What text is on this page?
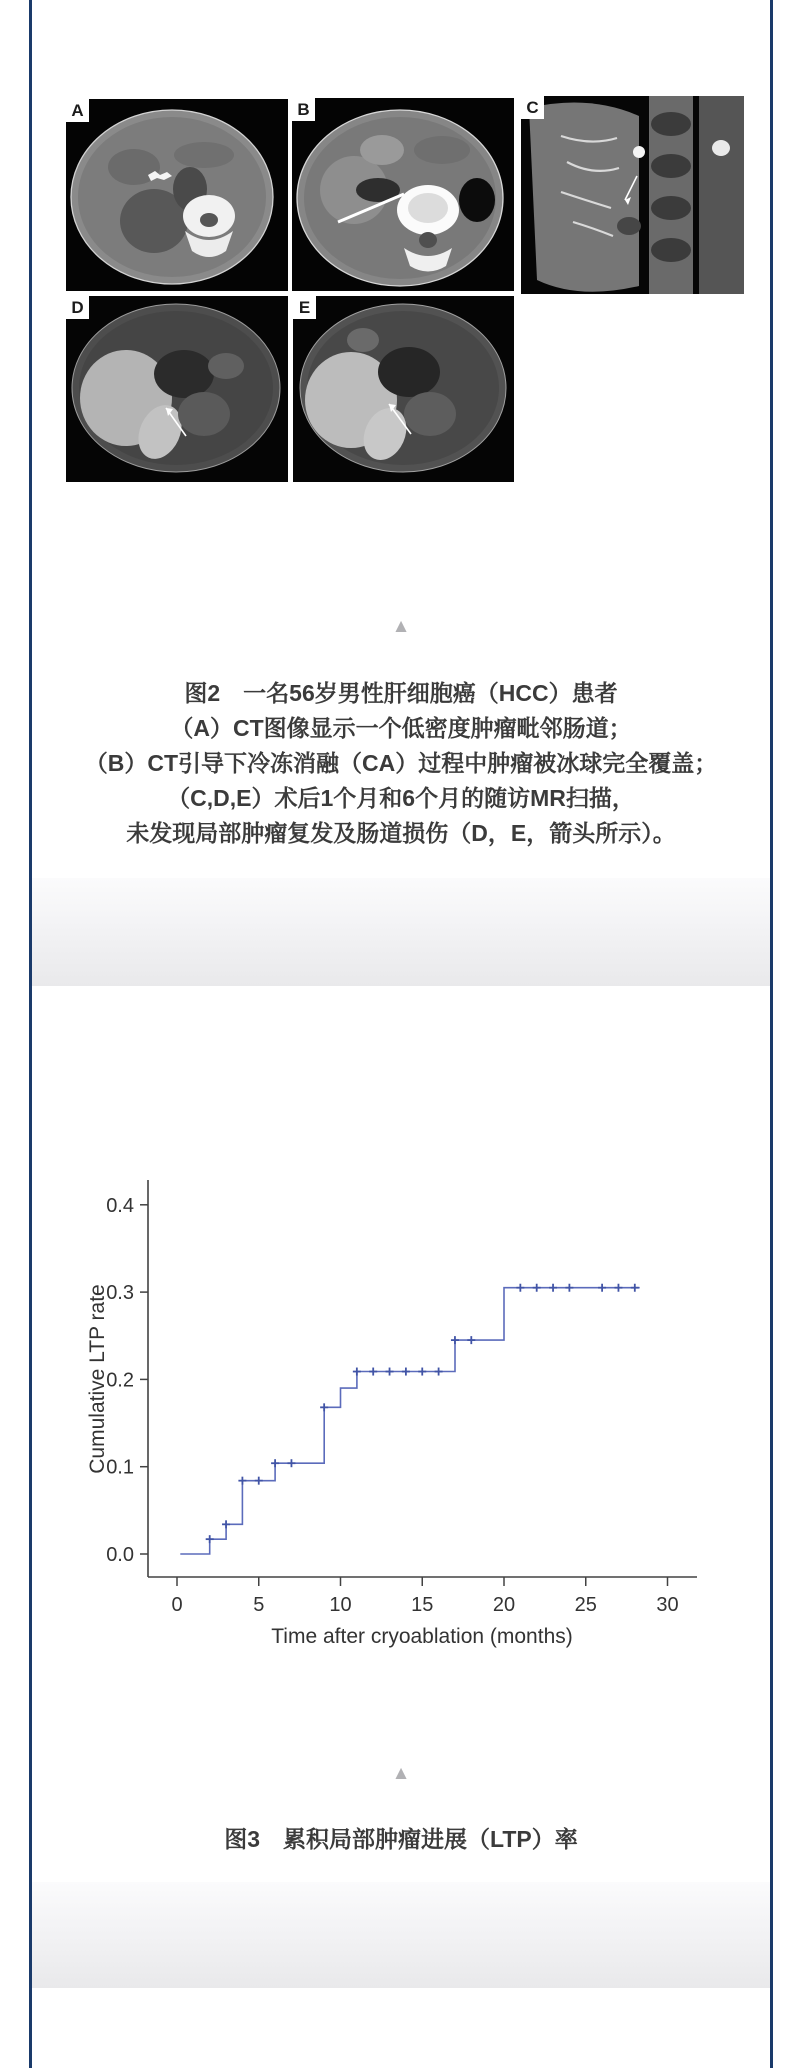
A	B	C
D	E
▲
图2　一名56岁男性肝细胞癌（HCC）患者
（A）CT图像显示一个低密度肿瘤毗邻肠道；
（B）CT引导下冷冻消融（CA）过程中肿瘤被冰球完全覆盖；
（C,D,E）术后1个月和6个月的随访MR扫描，
未发现局部肿瘤复发及肠道损伤（D，E，箭头所示）。
0.0
0.1
0.2
0.3
0.4
0	5	10	15	20	25	30
Time after cryoablation (months)
Cumulative LTP rate
▲
图3　累积局部肿瘤进展（LTP）率
